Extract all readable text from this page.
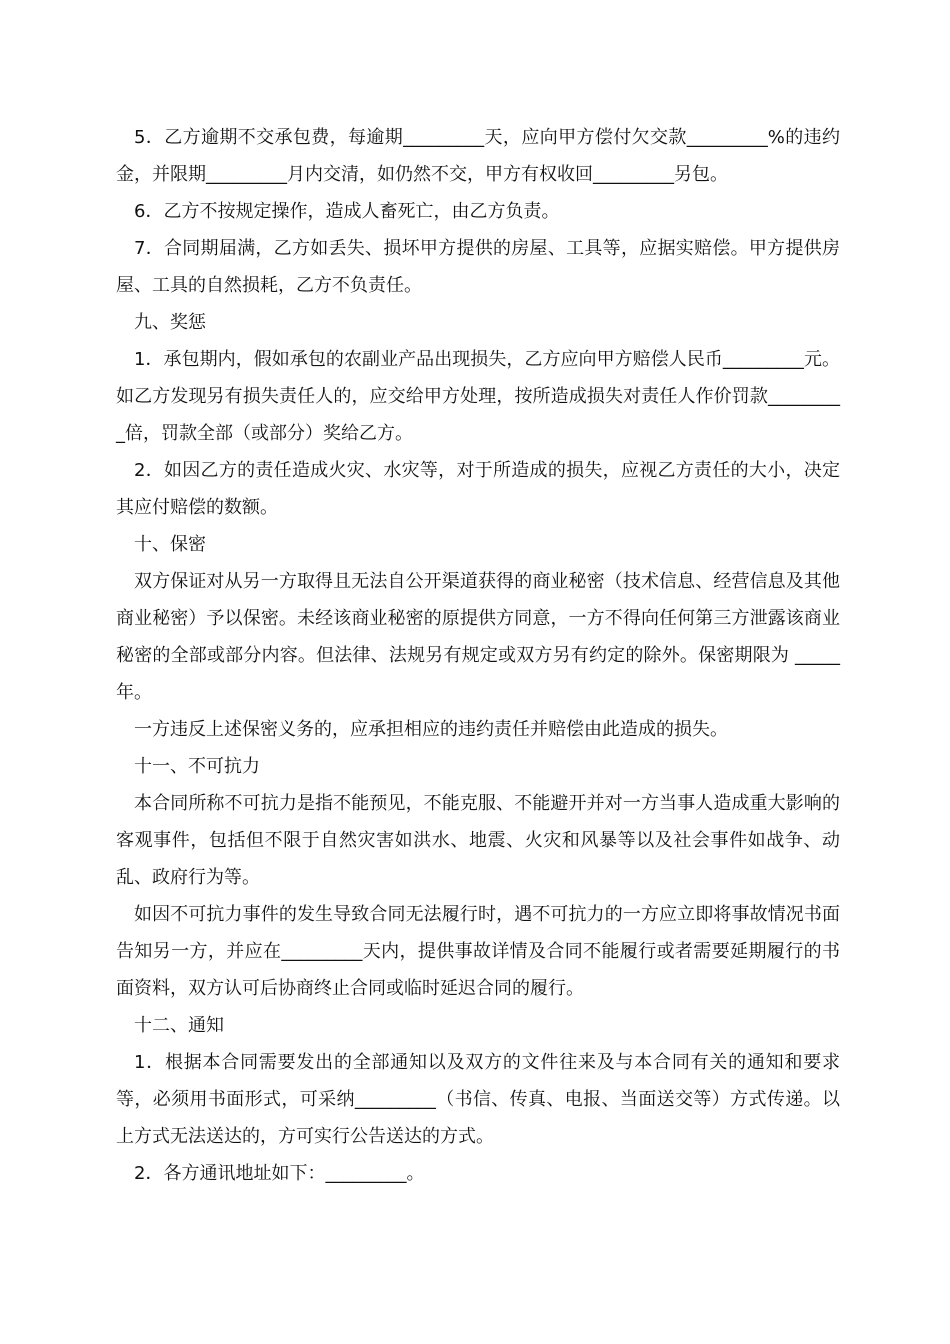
5．乙方逾期不交承包费，每逾期_________天，应向甲方偿付欠交款_________%的违约金，并限期_________月内交清，如仍然不交，甲方有权收回_________另包。

6．乙方不按规定操作，造成人畜死亡，由乙方负责。

7．合同期届满，乙方如丢失、损坏甲方提供的房屋、工具等，应据实赔偿。甲方提供房屋、工具的自然损耗，乙方不负责任。

九、奖惩

1．承包期内，假如承包的农副业产品出现损失，乙方应向甲方赔偿人民币_________元。如乙方发现另有损失责任人的，应交给甲方处理，按所造成损失对责任人作价罚款_________倍，罚款全部（或部分）奖给乙方。

2．如因乙方的责任造成火灾、水灾等，对于所造成的损失，应视乙方责任的大小，决定其应付赔偿的数额。

十、保密

双方保证对从另一方取得且无法自公开渠道获得的商业秘密（技术信息、经营信息及其他商业秘密）予以保密。未经该商业秘密的原提供方同意，一方不得向任何第三方泄露该商业秘密的全部或部分内容。但法律、法规另有规定或双方另有约定的除外。保密期限为 _____年。

一方违反上述保密义务的，应承担相应的违约责任并赔偿由此造成的损失。

十一、不可抗力

本合同所称不可抗力是指不能预见，不能克服、不能避开并对一方当事人造成重大影响的客观事件，包括但不限于自然灾害如洪水、地震、火灾和风暴等以及社会事件如战争、动乱、政府行为等。

如因不可抗力事件的发生导致合同无法履行时，遇不可抗力的一方应立即将事故情况书面告知另一方，并应在_________天内，提供事故详情及合同不能履行或者需要延期履行的书面资料，双方认可后协商终止合同或临时延迟合同的履行。

十二、通知

1．根据本合同需要发出的全部通知以及双方的文件往来及与本合同有关的通知和要求等，必须用书面形式，可采纳_________（书信、传真、电报、当面送交等）方式传递。以上方式无法送达的，方可实行公告送达的方式。

2．各方通讯地址如下：_________。
